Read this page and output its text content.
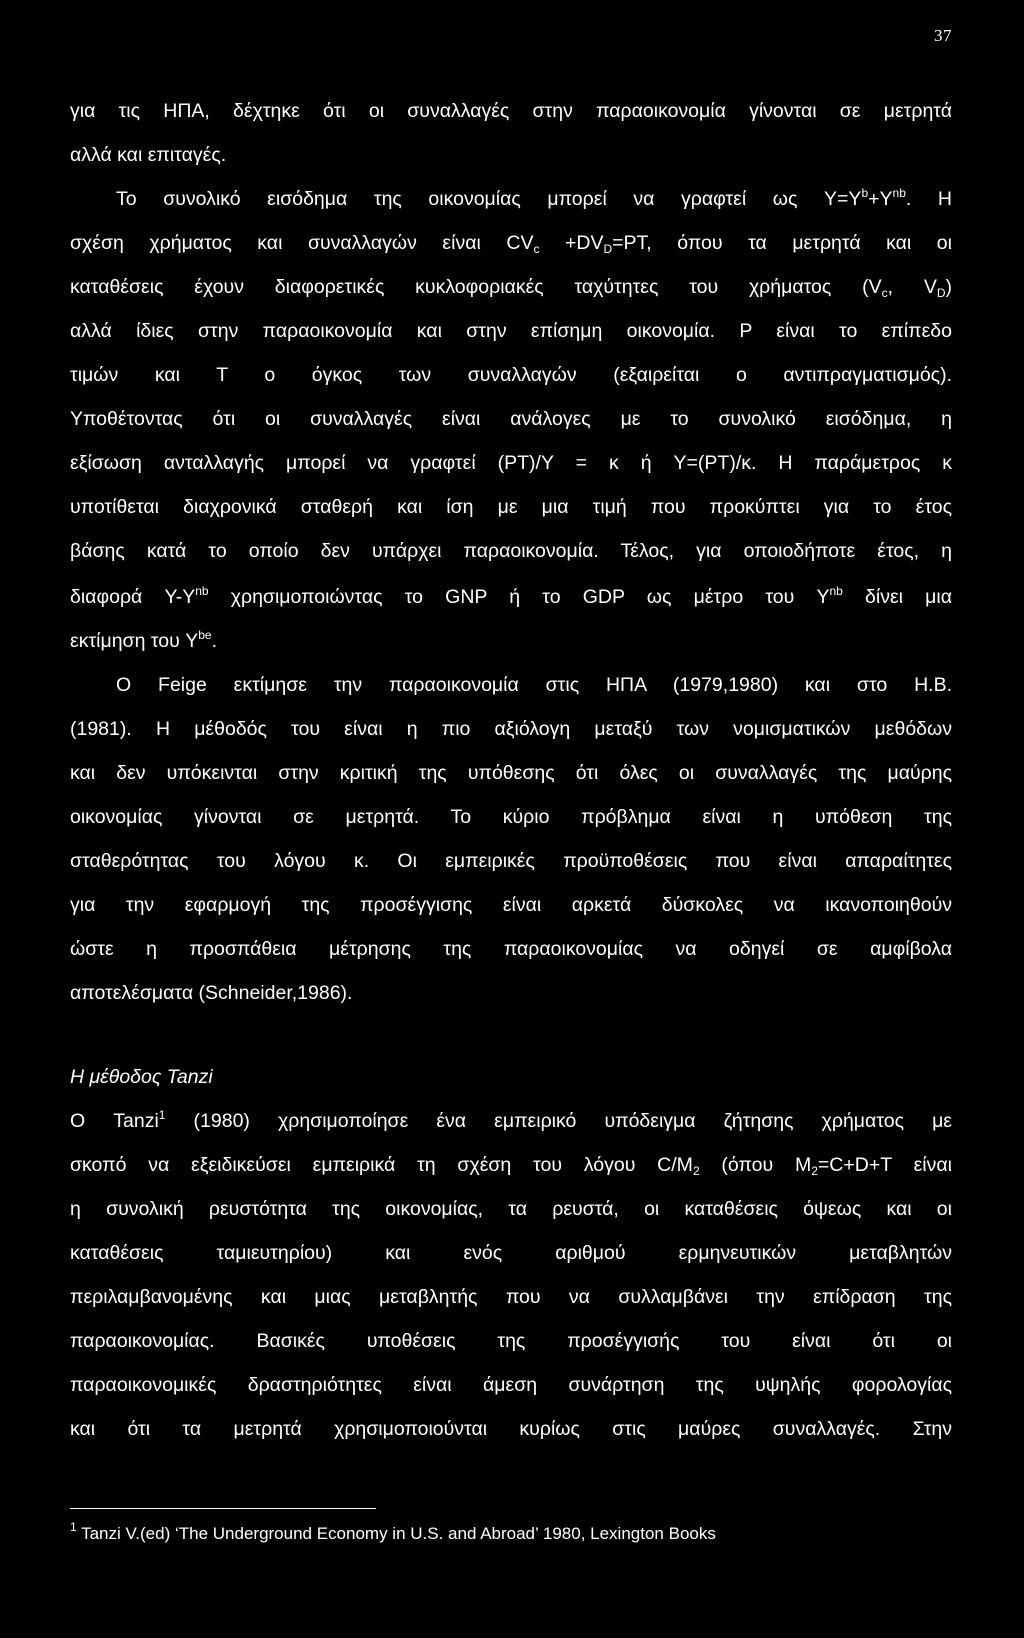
37
για τις ΗΠΑ, δέχτηκε ότι οι συναλλαγές στην παραοικονομία γίνονται σε μετρητά
αλλά και επιταγές.
Το συνολικό εισόδημα της οικονομίας μπορεί να γραφτεί ως $Y=Y^b+Y^{nb}$. Η
σχέση χρήματος και συναλλαγών είναι $CV_c +DV_D=PT$, όπου τα μετρητά και οι
καταθέσεις έχουν διαφορετικές κυκλοφοριακές ταχύτητες του χρήματος ($V_c$, $V_D$)
αλλά ίδιες στην παραοικονομία και στην επίσημη οικονομία. P είναι το επίπεδο
τιμών και Τ ο όγκος των συναλλαγών (εξαιρείται ο αντιπραγματισμός).
Υποθέτοντας ότι οι συναλλαγές είναι ανάλογες με το συνολικό εισόδημα, η
εξίσωση ανταλλαγής μπορεί να γραφτεί (PT)/Y = κ ή Y=(PT)/κ. Η παράμετρος κ
υποτίθεται διαχρονικά σταθερή και ίση με μια τιμή που προκύπτει για το έτος
βάσης κατά το οποίο δεν υπάρχει παραοικονομία. Τέλος, για οποιοδήποτε έτος, η
διαφορά $Y-Y^{nb}$ χρησιμοποιώντας το GNP ή το GDP ως μέτρο του $Y^{nb}$ δίνει μια
εκτίμηση του $Y^{be}$.
Ο Feige εκτίμησε την παραοικονομία στις ΗΠΑ (1979,1980) και στο Η.Β.
(1981). Η μέθοδός του είναι η πιο αξιόλογη μεταξύ των νομισματικών μεθόδων
και δεν υπόκεινται στην κριτική της υπόθεσης ότι όλες οι συναλλαγές της μαύρης
οικονομίας γίνονται σε μετρητά. Το κύριο πρόβλημα είναι η υπόθεση της
σταθερότητας του λόγου κ. Οι εμπειρικές προϋποθέσεις που είναι απαραίτητες
για την εφαρμογή της προσέγγισης είναι αρκετά δύσκολες να ικανοποιηθούν
ώστε η προσπάθεια μέτρησης της παραοικονομίας να οδηγεί σε αμφίβολα
αποτελέσματα (Schneider,1986).
Η μέθοδος Tanzi
Ο Tanzi$^1$ (1980) χρησιμοποίησε ένα εμπειρικό υπόδειγμα ζήτησης χρήματος με
σκοπό να εξειδικεύσει εμπειρικά τη σχέση του λόγου $C/M_2$ (όπου $M_2=C+D+T$ είναι
η συνολική ρευστότητα της οικονομίας, τα ρευστά, οι καταθέσεις όψεως και οι
καταθέσεις ταμιευτηρίου) και ενός αριθμού ερμηνευτικών μεταβλητών
περιλαμβανομένης και μιας μεταβλητής που να συλλαμβάνει την επίδραση της
παραοικονομίας. Βασικές υποθέσεις της προσέγγισής του είναι ότι οι
παραοικονομικές δραστηριότητες είναι άμεση συνάρτηση της υψηλής φορολογίας
και ότι τα μετρητά χρησιμοποιούνται κυρίως στις μαύρες συναλλαγές. Στην
$^1$ Tanzi V.(ed) ‘The Underground Economy in U.S. and Abroad’ 1980, Lexington Books
